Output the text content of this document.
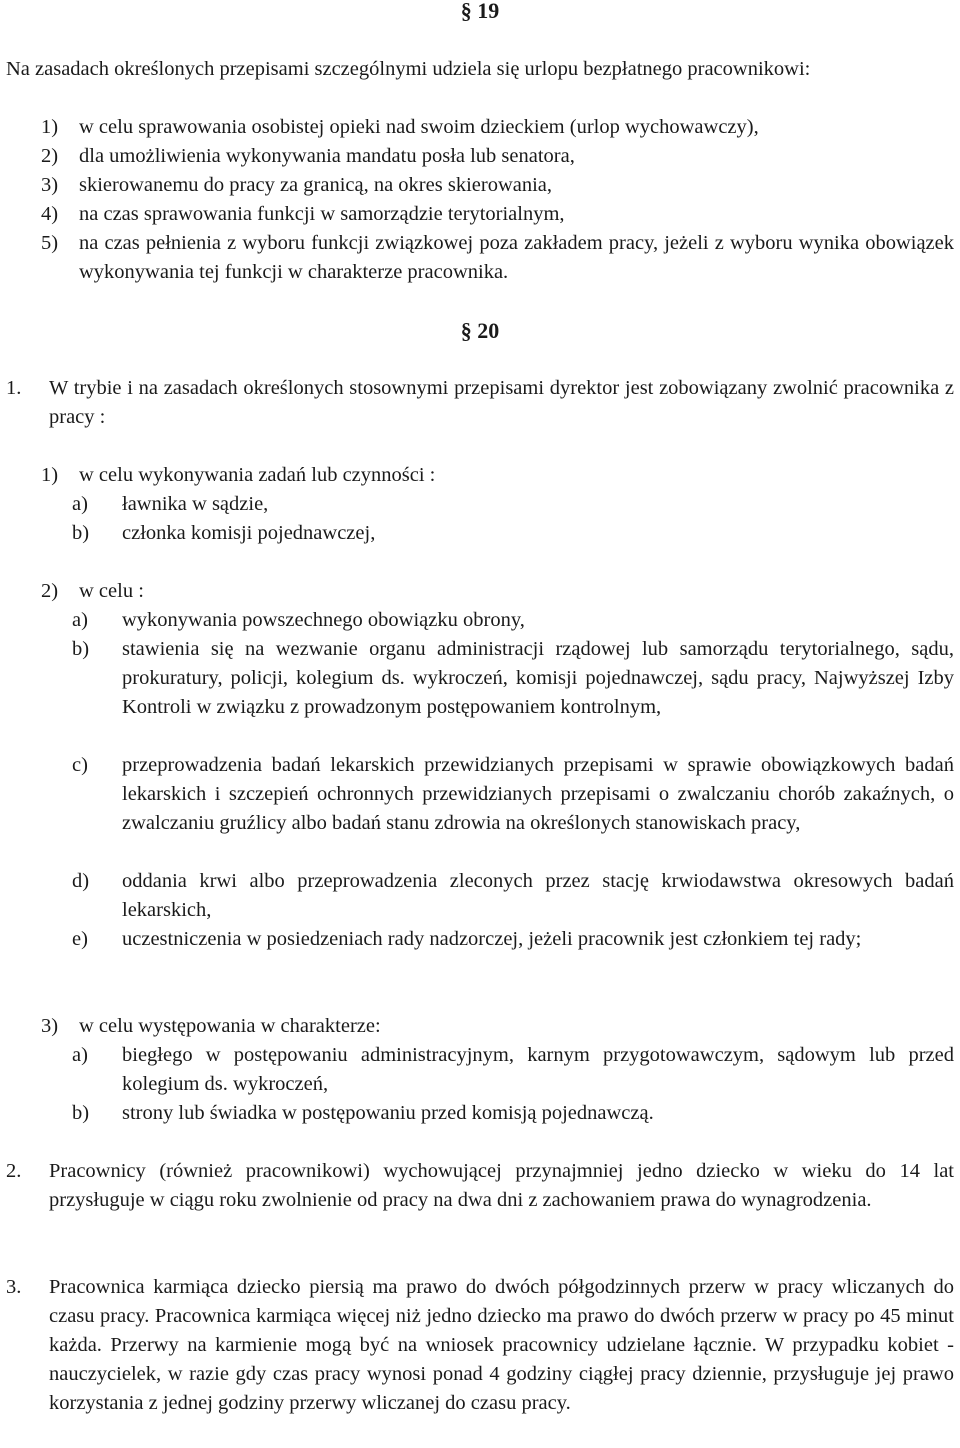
§ 19

Na zasadach określonych przepisami szczególnymi udziela się urlopu bezpłatnego pracownikowi:

1) w celu sprawowania osobistej opieki nad swoim dzieckiem (urlop wychowawczy),
2) dla umożliwienia wykonywania mandatu posła lub senatora,
3) skierowanemu do pracy za granicą, na okres skierowania,
4) na czas sprawowania funkcji w samorządzie terytorialnym,
5) na czas pełnienia z wyboru funkcji związkowej poza zakładem pracy, jeżeli z wyboru wynika obowiązek wykonywania tej funkcji w charakterze pracownika.
§ 20
1. W trybie i na zasadach określonych stosownymi przepisami dyrektor jest zobowiązany zwolnić pracownika z pracy :
1) w celu wykonywania zadań lub czynności :
a) ławnika w sądzie,
b) członka komisji pojednawczej,
2) w celu :
a) wykonywania powszechnego obowiązku obrony,
b) stawienia się na wezwanie organu administracji rządowej lub samorządu terytorialnego, sądu, prokuratury, policji, kolegium ds. wykroczeń, komisji pojednawczej, sądu pracy, Najwyższej Izby Kontroli w związku z prowadzonym postępowaniem kontrolnym,
c) przeprowadzenia badań lekarskich przewidzianych przepisami w sprawie obowiązkowych badań lekarskich i szczepień ochronnych przewidzianych przepisami o zwalczaniu chorób zakaźnych, o zwalczaniu gruźlicy albo badań stanu zdrowia na określonych stanowiskach pracy,
d) oddania krwi albo przeprowadzenia zleconych przez stację krwiodawstwa okresowych badań lekarskich,
e) uczestniczenia w posiedzeniach rady nadzorczej, jeżeli pracownik jest członkiem tej rady;
3) w celu występowania w charakterze:
a) biegłego w postępowaniu administracyjnym, karnym przygotowawczym, sądowym lub przed kolegium ds. wykroczeń,
b) strony lub świadka w postępowaniu przed komisją pojednawczą.
2. Pracownicy (również pracownikowi) wychowującej przynajmniej jedno dziecko w wieku do 14 lat przysługuje w ciągu roku zwolnienie od pracy na dwa dni z zachowaniem prawa do wynagrodzenia.
3. Pracownica karmiąca dziecko piersią ma prawo do dwóch półgodzinnych przerw w pracy wliczanych do czasu pracy. Pracownica karmiąca więcej niż jedno dziecko ma prawo do dwóch przerw w pracy po 45 minut każda. Przerwy na karmienie mogą być na wniosek pracownicy udzielane łącznie. W przypadku kobiet - nauczycielek, w razie gdy czas pracy wynosi ponad 4 godziny ciągłej pracy dziennie, przysługuje jej prawo korzystania z jednej godziny przerwy wliczanej do czasu pracy.
